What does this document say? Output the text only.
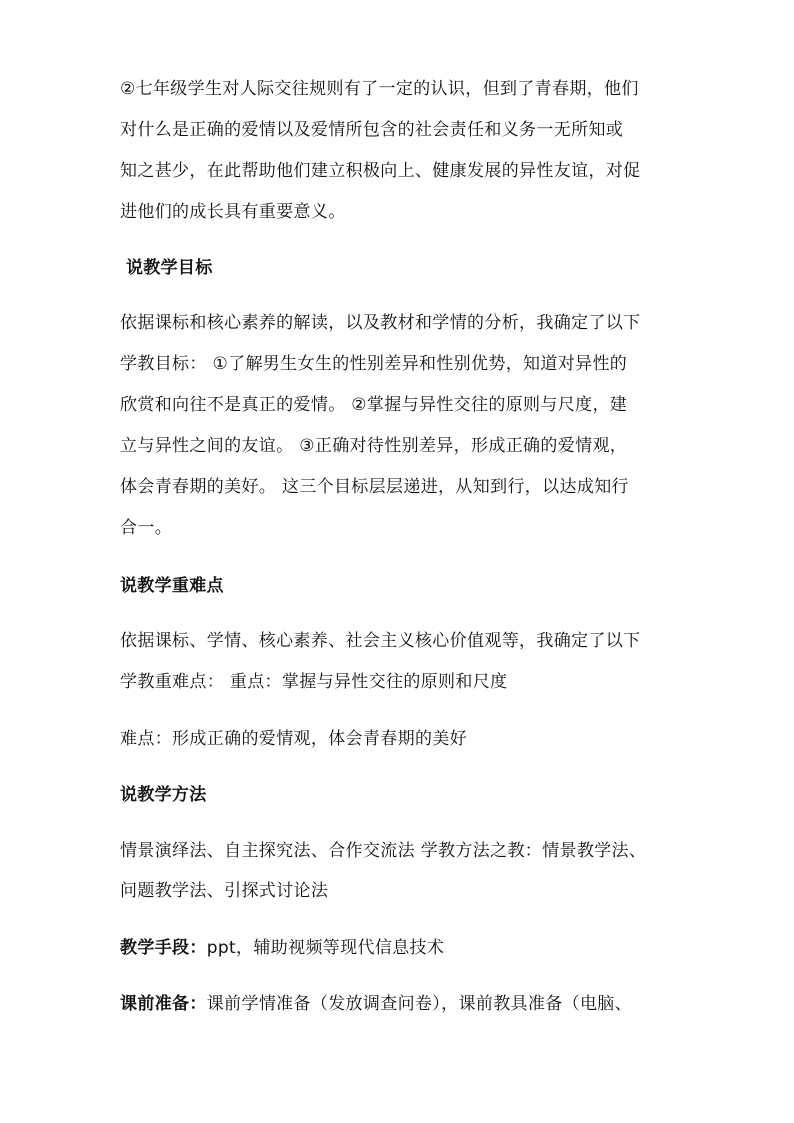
②七年级学生对人际交往规则有了一定的认识，但到了青春期，他们
对什么是正确的爱情以及爱情所包含的社会责任和义务一无所知或
知之甚少，在此帮助他们建立积极向上、健康发展的异性友谊，对促
进他们的成长具有重要意义。
说教学目标
依据课标和核心素养的解读，以及教材和学情的分析，我确定了以下
学教目标： ①了解男生女生的性别差异和性别优势，知道对异性的
欣赏和向往不是真正的爱情。 ②掌握与异性交往的原则与尺度，建
立与异性之间的友谊。 ③正确对待性别差异，形成正确的爱情观，
体会青春期的美好。 这三个目标层层递进，从知到行，以达成知行
合一。
说教学重难点
依据课标、学情、核心素养、社会主义核心价值观等，我确定了以下
学教重难点： 重点：掌握与异性交往的原则和尺度
难点：形成正确的爱情观，体会青春期的美好
说教学方法
情景演绎法、自主探究法、合作交流法 学教方法之教：情景教学法、
问题教学法、引探式讨论法
教学手段：ppt，辅助视频等现代信息技术
课前准备：课前学情准备（发放调查问卷），课前教具准备（电脑、
